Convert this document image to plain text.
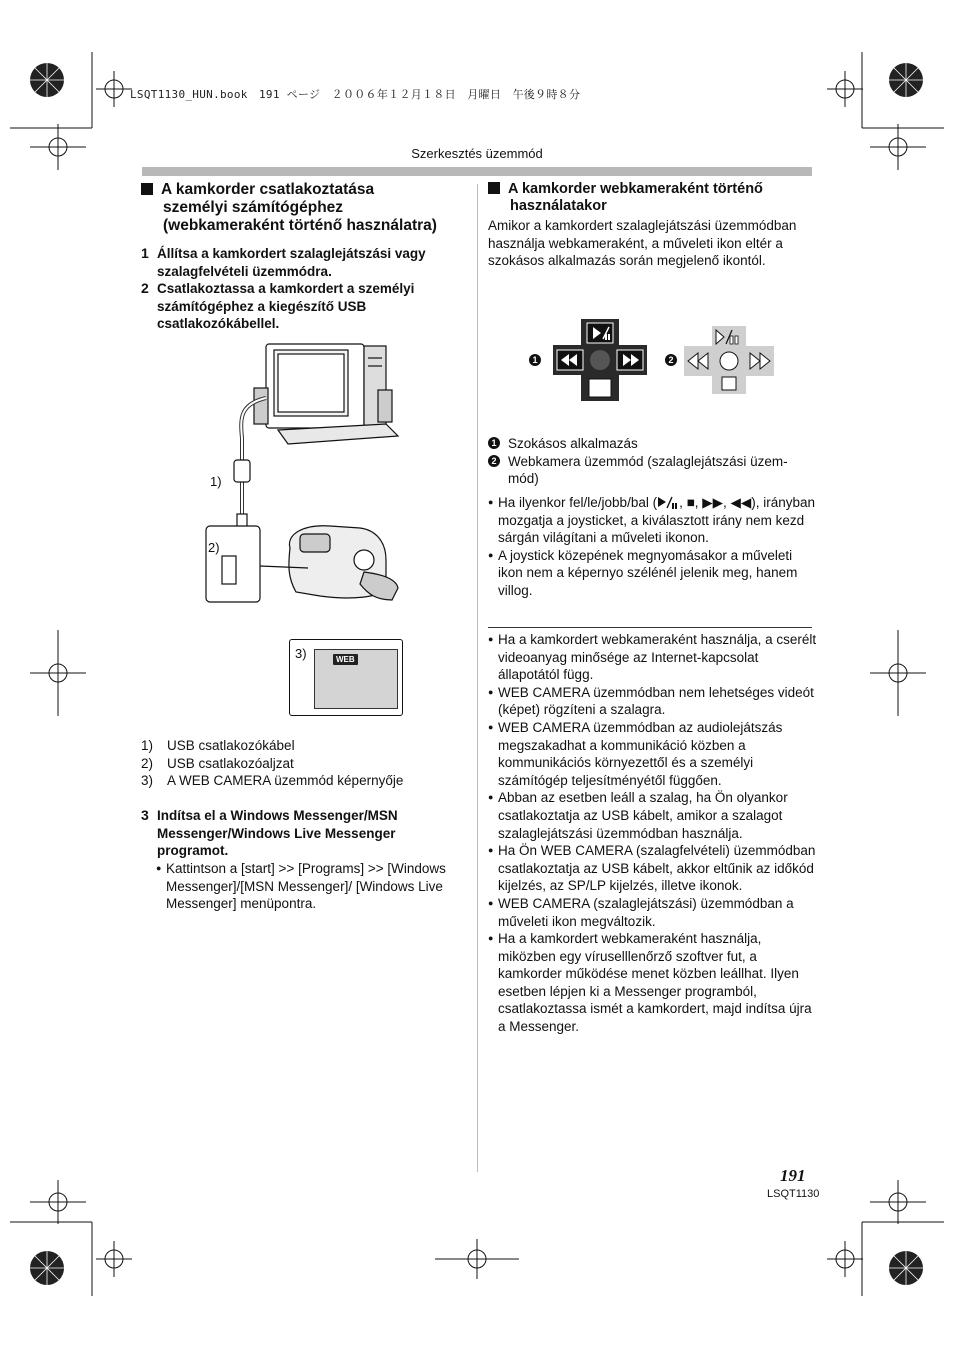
LSQT1130_HUN.book　191 ページ　２００６年１２月１８日　月曜日　午後９時８分
Szerkesztés üzemmód
A kamkorder csatlakoztatása
személyi számítógéphez
(webkameraként történő használatra)
1 Állítsa a kamkordert szalaglejátszási vagy szalagfelvételi üzemmódra.
2 Csatlakoztassa a kamkordert a személyi számítógéphez a kiegészítő USB csatlakozókábellel.
1)
2)
WEB
3)
1) USB csatlakozókábel
2) USB csatlakozóaljzat
3) A WEB CAMERA üzemmód képernyője
3 Indítsa el a Windows Messenger/MSN Messenger/Windows Live Messenger programot.
● Kattintson a [start] >> [Programs] >> [Windows Messenger]/[MSN Messenger]/ [Windows Live Messenger] menüpontra.
A kamkorder webkameraként történő
használatakor
Amikor a kamkordert szalaglejátszási üzemmódban használja webkameraként, a műveleti ikon eltér a szokásos alkalmazás során megjelenő ikontól.
1	2
1 Szokásos alkalmazás
2 Webkamera üzemmód (szalaglejátszási üzem-mód)
● Ha ilyenkor fel/le/jobb/bal ( , ■, ▶▶, ◀◀), irányban mozgatja a joysticket, a kiválasztott irány nem kezd sárgán világítani a műveleti ikonon.
● A joystick közepének megnyomásakor a műveleti ikon nem a képernyo szélénél jelenik meg, hanem villog.
● Ha a kamkordert webkameraként használja, a cserélt videoanyag minősége az Internet-kapcsolat állapotától függ.
● WEB CAMERA üzemmódban nem lehetséges videót (képet) rögzíteni a szalagra.
● WEB CAMERA üzemmódban az audiolejátszás megszakadhat a kommunikáció közben a kommunikációs környezettől és a személyi számítógép teljesítményétől függően.
● Abban az esetben leáll a szalag, ha Ön olyankor csatlakoztatja az USB kábelt, amikor a szalagot szalaglejátszási üzemmódban használja.
● Ha Ön WEB CAMERA (szalagfelvételi) üzemmódban csatlakoztatja az USB kábelt, akkor eltűnik az időkód kijelzés, az SP/LP kijelzés, illetve ikonok.
● WEB CAMERA (szalaglejátszási) üzemmódban a műveleti ikon megváltozik.
● Ha a kamkordert webkameraként használja, miközben egy víruselllenőrző szoftver fut, a kamkorder működése menet közben leállhat. Ilyen esetben lépjen ki a Messenger programból, csatlakoztassa ismét a kamkordert, majd indítsa újra a Messenger.
191
LSQT1130
